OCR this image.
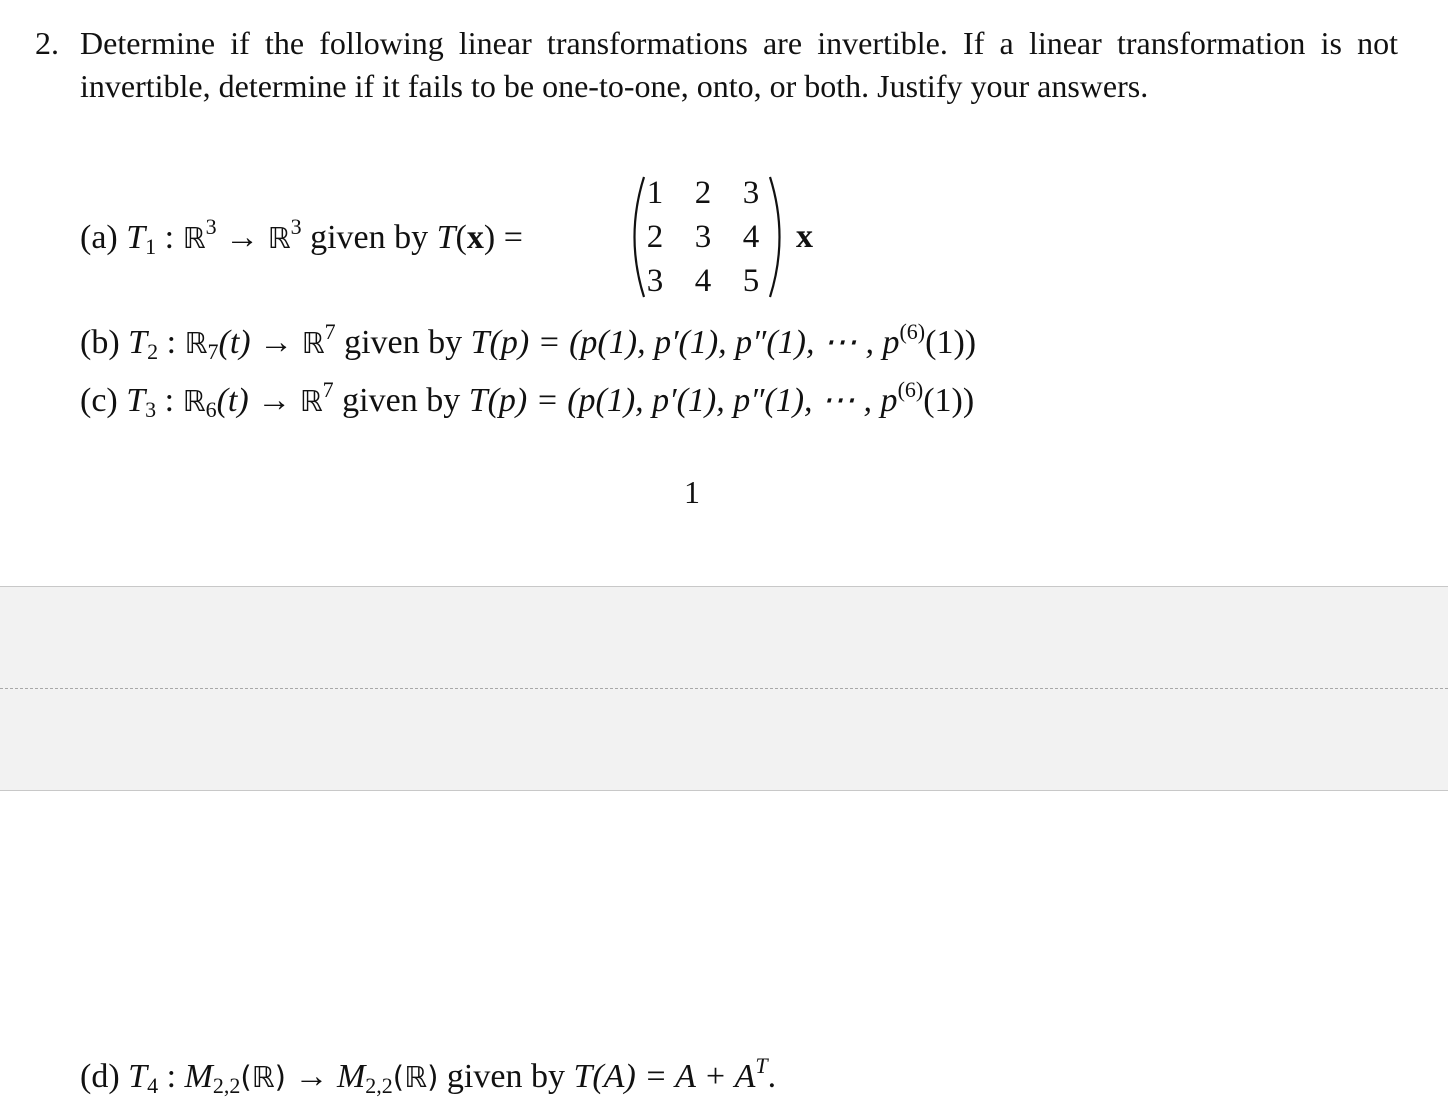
2. Determine if the following linear transformations are invertible. If a linear transformation is not invertible, determine if it fails to be one-to-one, onto, or both. Justify your answers.
(a) $T_1$ : ℝ$^3$ → ℝ$^3$ given by T(x) =
1 2 3
2 3 4
3 4 5
x
(b) $T_2$ : ℝ$_7$(t) → ℝ$^7$ given by T(p) = (p(1), p′(1), p″(1), ⋯ , $p^{(6)}(1)$)
(c) $T_3$ : ℝ$_6$(t) → ℝ$^7$ given by T(p) = (p(1), p′(1), p″(1), ⋯ , $p^{(6)}(1)$)
1
(d) $T_4$ : $M_{2,2}(ℝ)$ → $M_{2,2}(ℝ)$ given by $T(A) = A + A^T$.
